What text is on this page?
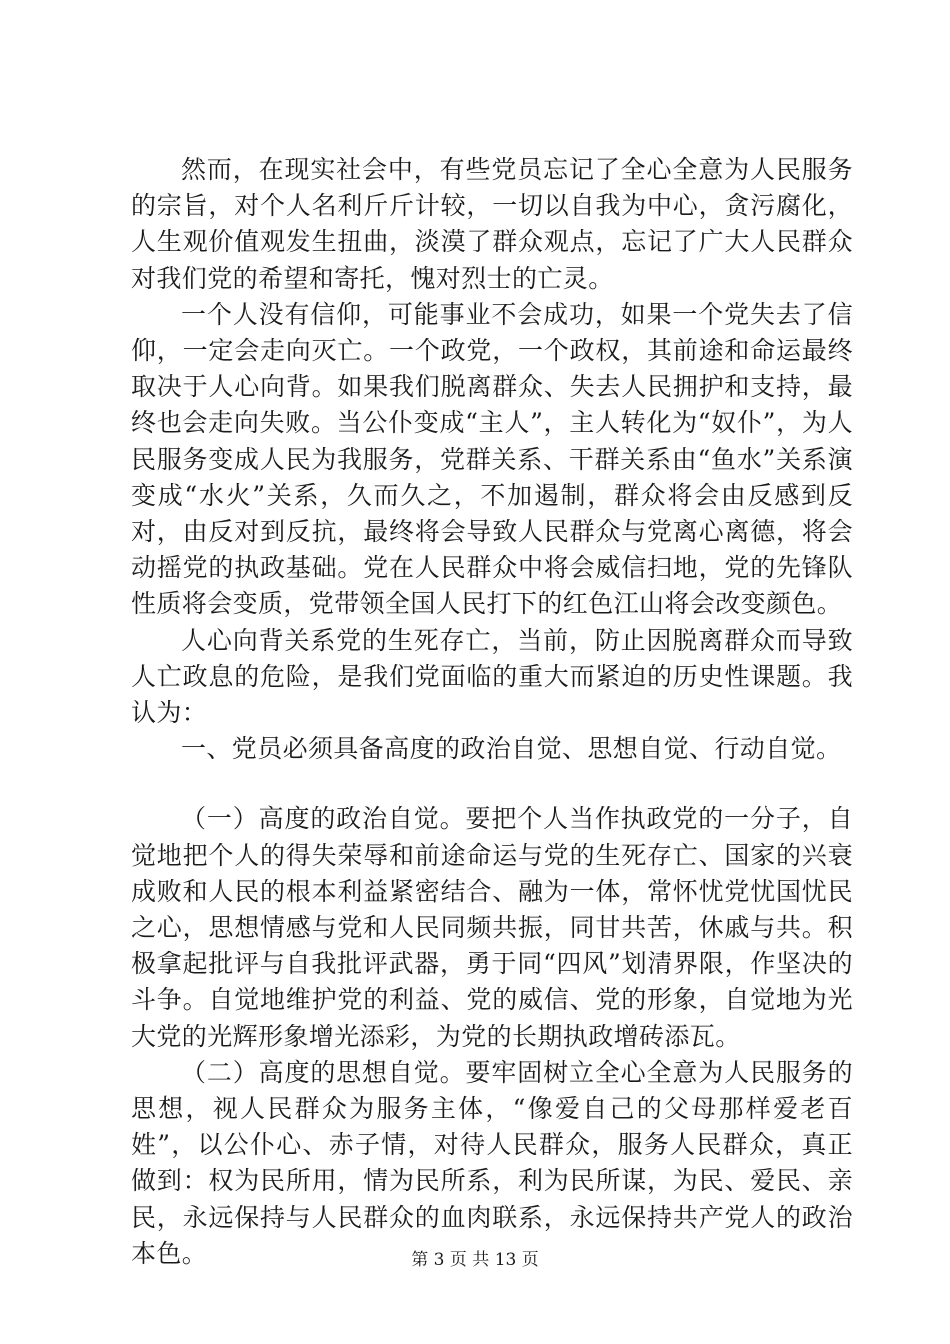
然而，在现实社会中，有些党员忘记了全心全意为人民服务的宗旨，对个人名利斤斤计较，一切以自我为中心，贪污腐化，人生观价值观发生扭曲，淡漠了群众观点，忘记了广大人民群众对我们党的希望和寄托，愧对烈士的亡灵。

一个人没有信仰，可能事业不会成功，如果一个党失去了信仰，一定会走向灭亡。一个政党，一个政权，其前途和命运最终取决于人心向背。如果我们脱离群众、失去人民拥护和支持，最终也会走向失败。当公仆变成“主人”，主人转化为“奴仆”，为人民服务变成人民为我服务，党群关系、干群关系由“鱼水”关系演变成“水火”关系，久而久之，不加遏制，群众将会由反感到反对，由反对到反抗，最终将会导致人民群众与党离心离德，将会动摇党的执政基础。党在人民群众中将会威信扫地，党的先锋队性质将会变质，党带领全国人民打下的红色江山将会改变颜色。

人心向背关系党的生死存亡，当前，防止因脱离群众而导致人亡政息的危险，是我们党面临的重大而紧迫的历史性课题。我认为：

一、党员必须具备高度的政治自觉、思想自觉、行动自觉。

（一）高度的政治自觉。要把个人当作执政党的一分子，自觉地把个人的得失荣辱和前途命运与党的生死存亡、国家的兴衰成败和人民的根本利益紧密结合、融为一体，常怀忧党忧国忧民之心，思想情感与党和人民同频共振，同甘共苦，休戚与共。积极拿起批评与自我批评武器，勇于同“四风”划清界限，作坚决的斗争。自觉地维护党的利益、党的威信、党的形象，自觉地为光大党的光辉形象增光添彩，为党的长期执政增砖添瓦。

（二）高度的思想自觉。要牢固树立全心全意为人民服务的思想，视人民群众为服务主体，“像爱自己的父母那样爱老百姓”，以公仆心、赤子情，对待人民群众，服务人民群众，真正做到：权为民所用，情为民所系，利为民所谋，为民、爱民、亲民，永远保持与人民群众的血肉联系，永远保持共产党人的政治本色。	第 3 页 共 13 页
